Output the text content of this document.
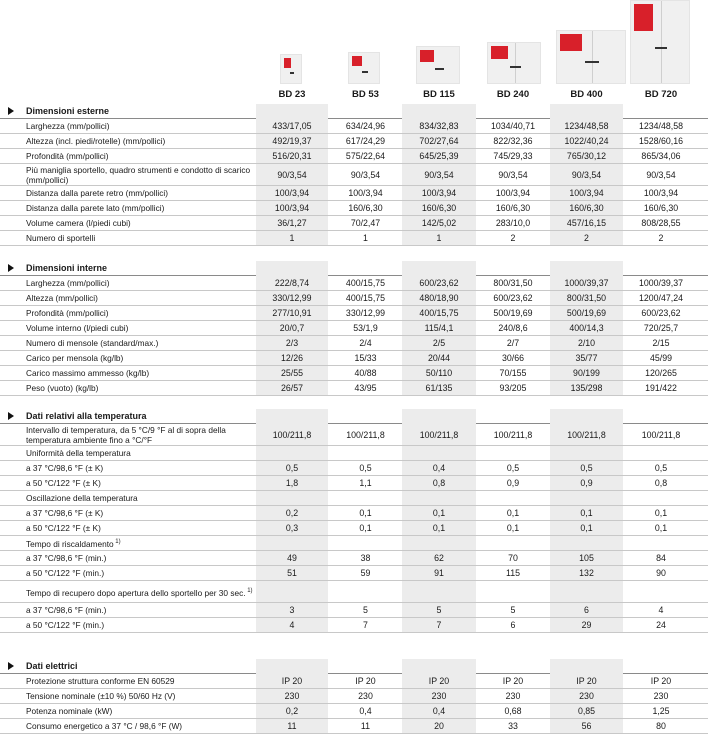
BD 23	BD 53	BD 115	BD 240	BD 400	BD 720
Dimensioni esterne
Larghezza (mm/pollici)	433/17,05	634/24,96	834/32,83	1034/40,71	1234/48,58	1234/48,58
Altezza (incl. piedi/rotelle) (mm/pollici)	492/19,37	617/24,29	702/27,64	822/32,36	1022/40,24	1528/60,16
Profondità (mm/pollici)	516/20,31	575/22,64	645/25,39	745/29,33	765/30,12	865/34,06
Più maniglia sportello, quadro strumenti e condotto di scarico (mm/pollici)	90/3,54	90/3,54	90/3,54	90/3,54	90/3,54	90/3,54
Distanza dalla parete retro (mm/pollici)	100/3,94	100/3,94	100/3,94	100/3,94	100/3,94	100/3,94
Distanza dalla parete lato (mm/pollici)	100/3,94	160/6,30	160/6,30	160/6,30	160/6,30	160/6,30
Volume camera (l/piedi cubi)	36/1,27	70/2,47	142/5,02	283/10,0	457/16,15	808/28,55
Numero di sportelli	1	1	1	2	2	2
Dimensioni interne
Larghezza (mm/pollici)	222/8,74	400/15,75	600/23,62	800/31,50	1000/39,37	1000/39,37
Altezza (mm/pollici)	330/12,99	400/15,75	480/18,90	600/23,62	800/31,50	1200/47,24
Profondità (mm/pollici)	277/10,91	330/12,99	400/15,75	500/19,69	500/19,69	600/23,62
Volume interno (l/piedi cubi)	20/0,7	53/1,9	115/4,1	240/8,6	400/14,3	720/25,7
Numero di mensole (standard/max.)	2/3	2/4	2/5	2/7	2/10	2/15
Carico per mensola (kg/lb)	12/26	15/33	20/44	30/66	35/77	45/99
Carico massimo ammesso (kg/lb)	25/55	40/88	50/110	70/155	90/199	120/265
Peso (vuoto) (kg/lb)	26/57	43/95	61/135	93/205	135/298	191/422
Dati relativi alla temperatura
Intervallo di temperatura, da 5 °C/9 °F al di sopra della temperatura ambiente fino a °C/°F	100/211,8	100/211,8	100/211,8	100/211,8	100/211,8	100/211,8
Uniformità della temperatura
a 37 °C/98,6 °F (± K)	0,5	0,5	0,4	0,5	0,5	0,5
a 50 °C/122 °F (± K)	1,8	1,1	0,8	0,9	0,9	0,8
Oscillazione della temperatura
a 37 °C/98,6 °F (± K)	0,2	0,1	0,1	0,1	0,1	0,1
a 50 °C/122 °F (± K)	0,3	0,1	0,1	0,1	0,1	0,1
Tempo di riscaldamento $^{1)}$
a 37 °C/98,6 °F (min.)	49	38	62	70	105	84
a 50 °C/122 °F (min.)	51	59	91	115	132	90
Tempo di recupero dopo apertura dello sportello per 30 sec. $^{1)}$
a 37 °C/98,6 °F (min.)	3	5	5	5	6	4
a 50 °C/122 °F (min.)	4	7	7	6	29	24
Dati elettrici
Protezione struttura conforme EN 60529	IP 20	IP 20	IP 20	IP 20	IP 20	IP 20
Tensione nominale (±10 %) 50/60 Hz (V)	230	230	230	230	230	230
Potenza nominale (kW)	0,2	0,4	0,4	0,68	0,85	1,25
Consumo energetico a 37 °C / 98,6 °F (W)	11	11	20	33	56	80
